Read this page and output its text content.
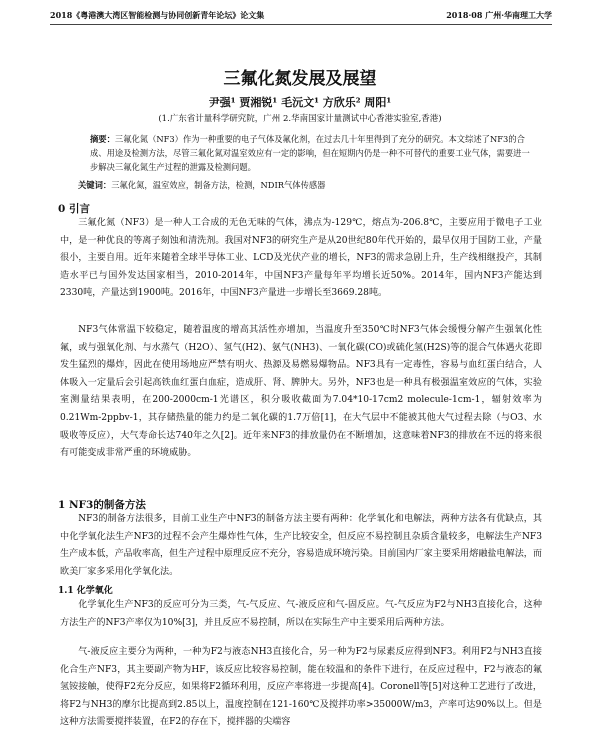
2018《粤港澳大湾区智能检测与协同创新青年论坛》论文集	2018·08 广州·华南理工大学
三氟化氮发展及展望
尹强¹ 贾湘锐¹ 毛沅文¹ 方欣乐² 周阳¹
(1.广东省计量科学研究院，广州 2.华南国家计量测试中心香港实验室,香港)
摘要：三氟化氮（NF3）作为一种重要的电子气体及氟化剂，在过去几十年里得到了充分的研究。本文综述了NF3的合成、用途及检测方法，尽管三氟化氮对温室效应有一定的影响，但在短期内仍是一种不可替代的重要工业气体，需要进一步解决三氟化氮生产过程的泄露及检测问题。
关键词：三氟化氮，温室效应，制备方法，检测，NDIR气体传感器
0 引言
三氟化氮（NF3）是一种人工合成的无色无味的气体，沸点为-129℃，熔点为-206.8℃，主要应用于微电子工业中，是一种优良的等离子刻蚀和清洗剂。我国对NF3的研究生产是从20世纪80年代开始的，最早仅用于国防工业，产量很小，主要自用。近年来随着全球半导体工业、LCD及光伏产业的增长，NF3的需求急剧上升，生产线相继投产，其制造水平已与国外发达国家相当，2010-2014年，中国NF3产量每年平均增长近50%。2014年，国内NF3产能达到2330吨，产量达到1900吨。2016年，中国NF3产量进一步增长至3669.28吨。
NF3气体常温下较稳定，随着温度的增高其活性亦增加，当温度升至350℃时NF3气体会缓慢分解产生强氧化性氟，或与强氧化剂、与水蒸气（H2O）、氢气(H2)、氨气(NH3)、一氧化碳(CO)或硫化氢(H2S)等的混合气体遇火花即发生猛烈的爆炸，因此在使用场地应严禁有明火、热源及易燃易爆物品。NF3具有一定毒性，容易与血红蛋白结合，人体吸入一定量后会引起高铁血红蛋白血症，造成肝、肾、脾肿大。另外，NF3也是一种具有极强温室效应的气体，实验室测量结果表明，在200-2000cm-1光谱区，积分吸收截面为7.04*10-17cm2 molecule-1cm-1，辐射效率为0.21Wm-2ppbv-1，其存储热量的能力约是二氧化碳的1.7万倍[1]，在大气层中不能被其他大气过程去除（与O3、水吸收等反应），大气寿命长达740年之久[2]。近年来NF3的排放量仍在不断增加，这意味着NF3的排放在不远的将来很有可能变成非常严重的环境威胁。
1 NF3的制备方法
NF3的制备方法很多，目前工业生产中NF3的制备方法主要有两种：化学氧化和电解法，两种方法各有优缺点，其中化学氧化法生产NF3的过程不会产生爆炸性气体，生产比较安全，但反应不易控制且杂质含量较多，电解法生产NF3生产成本低，产品收率高，但生产过程中原理反应不充分，容易造成环境污染。目前国内厂家主要采用熔融盐电解法，而欧美厂家多采用化学氧化法。
1.1 化学氧化
化学氧化生产NF3的反应可分为三类，气-气反应、气-液反应和气-固反应。气-气反应为F2与NH3直接化合，这种方法生产的NF3产率仅为10%[3]，并且反应不易控制，所以在实际生产中主要采用后两种方法。
气-液反应主要分为两种，一种为F2与液态NH3直接化合，另一种为F2与尿素反应得到NF3。利用F2与NH3直接化合生产NF3，其主要副产物为HF，该反应比较容易控制，能在较温和的条件下进行，在反应过程中，F2与液态的氟氢铵接触，使得F2充分反应，如果将F2循环利用，反应产率将进一步提高[4]。Coronell等[5]对这种工艺进行了改进，将F2与NH3的摩尔比提高到2.85以上，温度控制在121-160℃及搅拌功率>35000W/m3，产率可达90%以上。但是这种方法需要搅拌装置，在F2的存在下，搅拌器的尖端容
